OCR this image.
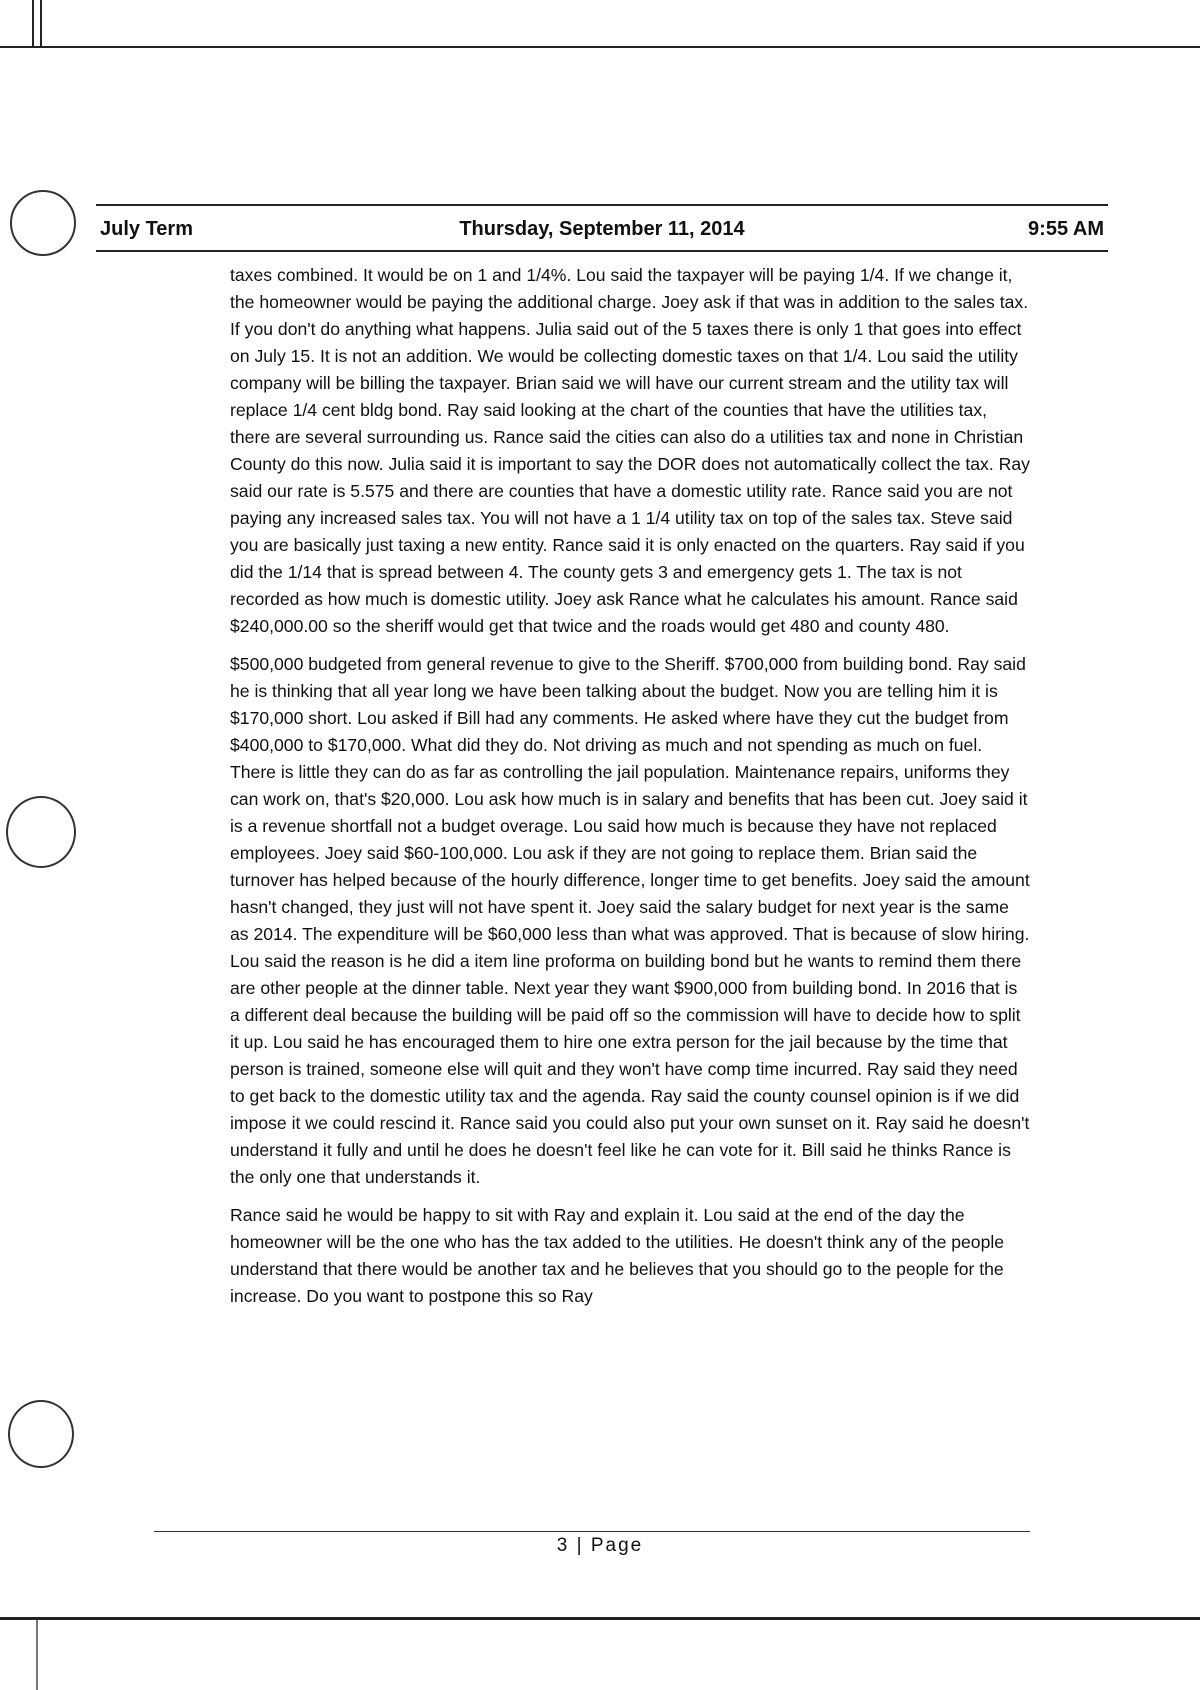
July Term	Thursday, September 11, 2014	9:55 AM

taxes combined. It would be on 1 and 1/4%. Lou said the taxpayer will be paying 1/4. If we change it, the homeowner would be paying the additional charge. Joey ask if that was in addition to the sales tax. If you don't do anything what happens. Julia said out of the 5 taxes there is only 1 that goes into effect on July 15. It is not an addition. We would be collecting domestic taxes on that 1/4. Lou said the utility company will be billing the taxpayer. Brian said we will have our current stream and the utility tax will replace 1/4 cent bldg bond. Ray said looking at the chart of the counties that have the utilities tax, there are several surrounding us. Rance said the cities can also do a utilities tax and none in Christian County do this now. Julia said it is important to say the DOR does not automatically collect the tax. Ray said our rate is 5.575 and there are counties that have a domestic utility rate. Rance said you are not paying any increased sales tax. You will not have a 1 1/4 utility tax on top of the sales tax. Steve said you are basically just taxing a new entity. Rance said it is only enacted on the quarters. Ray said if you did the 1/14 that is spread between 4. The county gets 3 and emergency gets 1. The tax is not recorded as how much is domestic utility. Joey ask Rance what he calculates his amount. Rance said $240,000.00 so the sheriff would get that twice and the roads would get 480 and county 480.

$500,000 budgeted from general revenue to give to the Sheriff. $700,000 from building bond. Ray said he is thinking that all year long we have been talking about the budget. Now you are telling him it is $170,000 short. Lou asked if Bill had any comments. He asked where have they cut the budget from $400,000 to $170,000. What did they do. Not driving as much and not spending as much on fuel. There is little they can do as far as controlling the jail population. Maintenance repairs, uniforms they can work on, that's $20,000. Lou ask how much is in salary and benefits that has been cut. Joey said it is a revenue shortfall not a budget overage. Lou said how much is because they have not replaced employees. Joey said $60-100,000. Lou ask if they are not going to replace them. Brian said the turnover has helped because of the hourly difference, longer time to get benefits. Joey said the amount hasn't changed, they just will not have spent it. Joey said the salary budget for next year is the same as 2014. The expenditure will be $60,000 less than what was approved. That is because of slow hiring. Lou said the reason is he did a item line proforma on building bond but he wants to remind them there are other people at the dinner table. Next year they want $900,000 from building bond. In 2016 that is a different deal because the building will be paid off so the commission will have to decide how to split it up. Lou said he has encouraged them to hire one extra person for the jail because by the time that person is trained, someone else will quit and they won't have comp time incurred. Ray said they need to get back to the domestic utility tax and the agenda. Ray said the county counsel opinion is if we did impose it we could rescind it. Rance said you could also put your own sunset on it. Ray said he doesn't understand it fully and until he does he doesn't feel like he can vote for it. Bill said he thinks Rance is the only one that understands it.

Rance said he would be happy to sit with Ray and explain it. Lou said at the end of the day the homeowner will be the one who has the tax added to the utilities. He doesn't think any of the people understand that there would be another tax and he believes that you should go to the people for the increase. Do you want to postpone this so Ray

3 | Page
